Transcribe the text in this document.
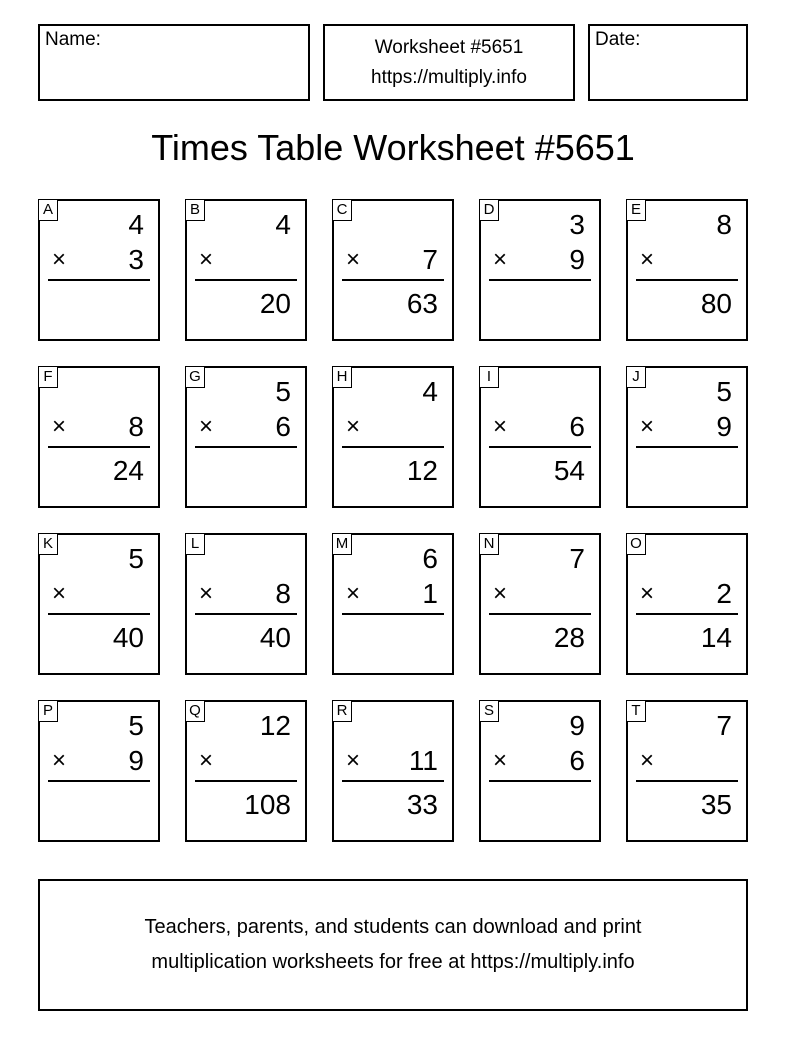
Name:	Worksheet #5651
https://multiply.info
Date:
Times Table Worksheet #5651
A	4
× 3
B	4
×
20
C
× 7
63
D	3
× 9
E	8
×
80
F
× 8
24
G	5
× 6
H	4
×
12
I
× 6
54
J	5
× 9
K	5
×
40
L
× 8
40
M	6
× 1
N	7
×
28
O
× 2
14
P	5
× 9
Q 12
×
108
R
× 11
33
S	9
× 6
T	7
×
35
Teachers, parents, and students can download and print
multiplication worksheets for free at https://multiply.info
